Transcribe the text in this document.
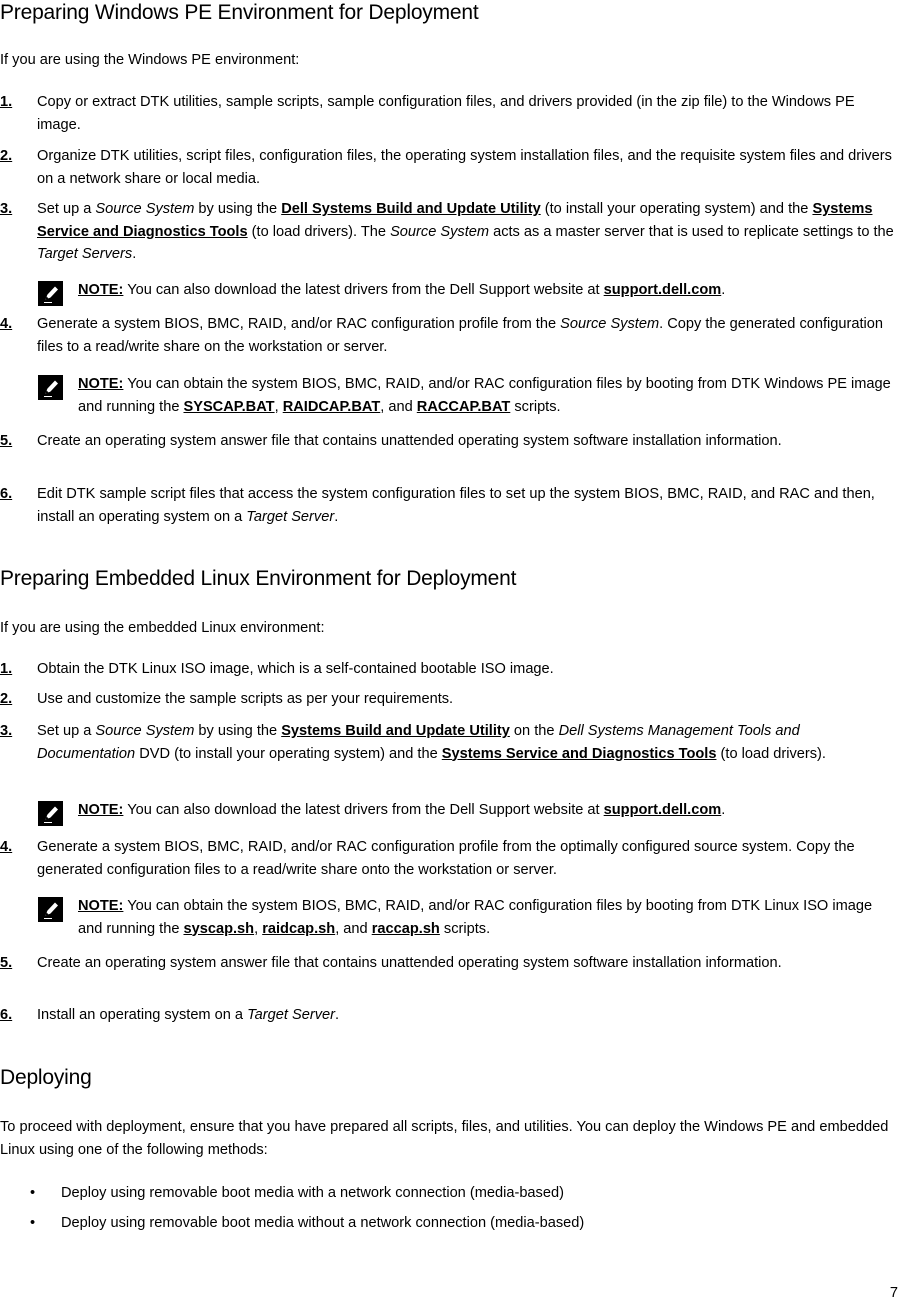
Preparing Windows PE Environment for Deployment

If you are using the Windows PE environment:

1. Copy or extract DTK utilities, sample scripts, sample configuration files, and drivers provided (in the zip file) to the Windows PE image.
2. Organize DTK utilities, script files, configuration files, the operating system installation files, and the requisite system files and drivers on a network share or local media.
3. Set up a Source System by using the Dell Systems Build and Update Utility (to install your operating system) and the Systems Service and Diagnostics Tools (to load drivers). The Source System acts as a master server that is used to replicate settings to the Target Servers.
NOTE: You can also download the latest drivers from the Dell Support website at support.dell.com.
4. Generate a system BIOS, BMC, RAID, and/or RAC configuration profile from the Source System. Copy the generated configuration files to a read/write share on the workstation or server.
NOTE: You can obtain the system BIOS, BMC, RAID, and/or RAC configuration files by booting from DTK Windows PE image and running the SYSCAP.BAT, RAIDCAP.BAT, and RACCAP.BAT scripts.
5. Create an operating system answer file that contains unattended operating system software installation information.
6. Edit DTK sample script files that access the system configuration files to set up the system BIOS, BMC, RAID, and RAC and then, install an operating system on a Target Server.
Preparing Embedded Linux Environment for Deployment

If you are using the embedded Linux environment:

1. Obtain the DTK Linux ISO image, which is a self-contained bootable ISO image.
2. Use and customize the sample scripts as per your requirements.
3. Set up a Source System by using the Systems Build and Update Utility on the Dell Systems Management Tools and Documentation DVD (to install your operating system) and the Systems Service and Diagnostics Tools (to load drivers).
NOTE: You can also download the latest drivers from the Dell Support website at support.dell.com.
4. Generate a system BIOS, BMC, RAID, and/or RAC configuration profile from the optimally configured source system. Copy the generated configuration files to a read/write share onto the workstation or server.
NOTE: You can obtain the system BIOS, BMC, RAID, and/or RAC configuration files by booting from DTK Linux ISO image and running the syscap.sh, raidcap.sh, and raccap.sh scripts.
5. Create an operating system answer file that contains unattended operating system software installation information.
6. Install an operating system on a Target Server.
Deploying

To proceed with deployment, ensure that you have prepared all scripts, files, and utilities. You can deploy the Windows PE and embedded Linux using one of the following methods:

• Deploy using removable boot media with a network connection (media-based)
• Deploy using removable boot media without a network connection (media-based)
7
